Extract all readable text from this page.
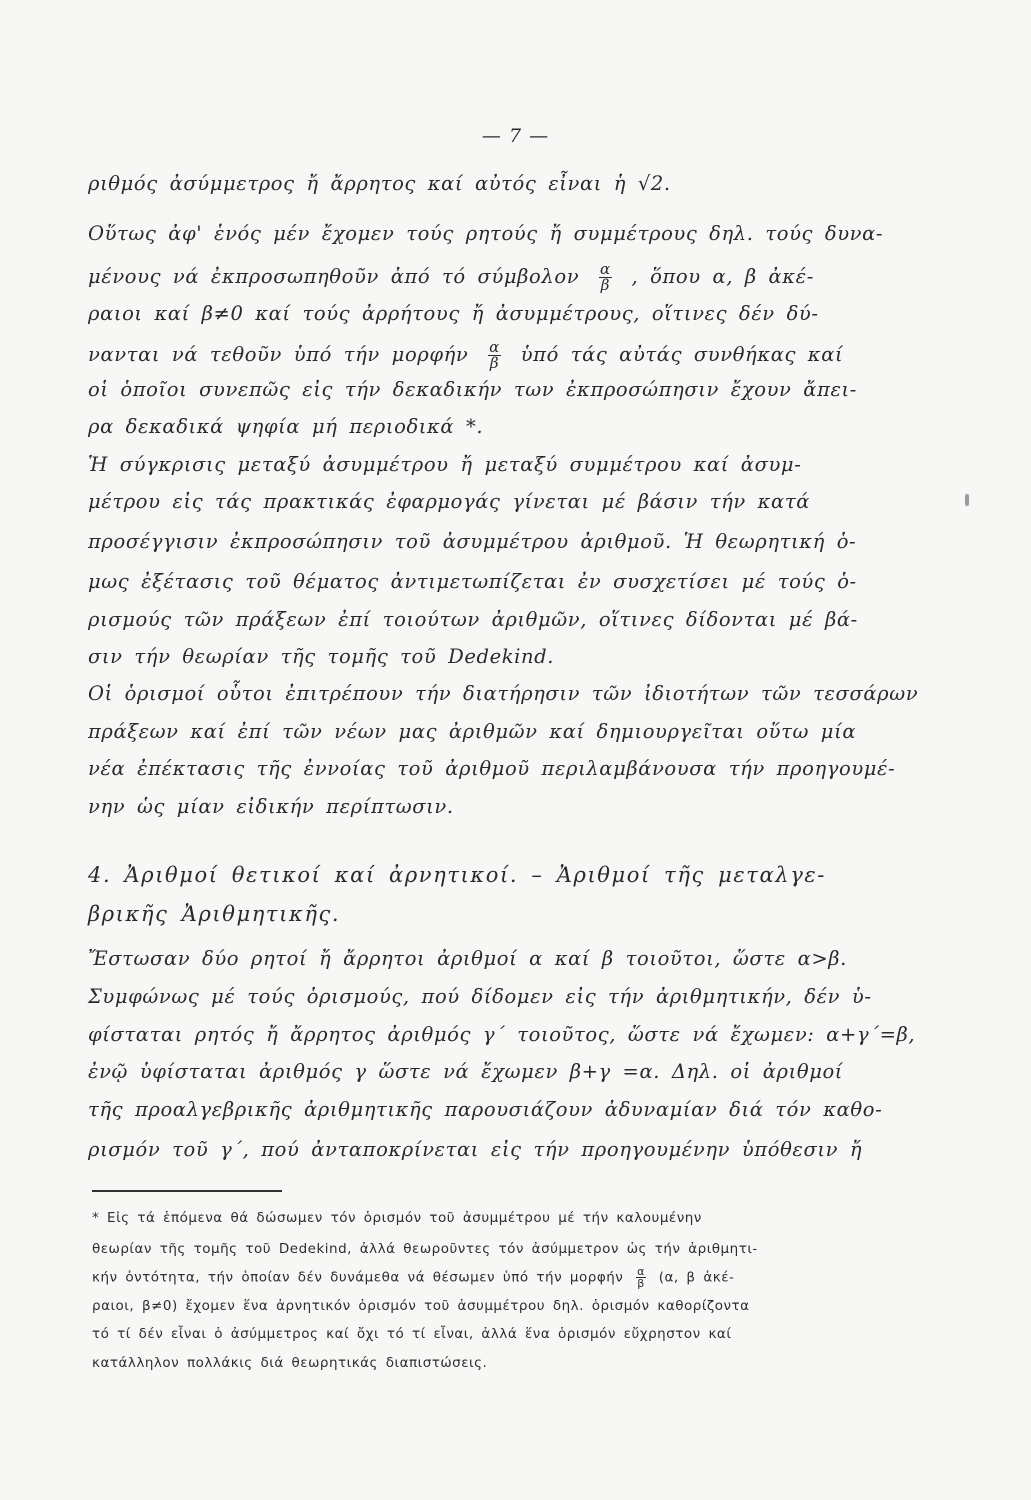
— 7 —
ριθμός ἀσύμμετρος ἤ ἄρρητος καί αὐτός εἶναι ἡ √2.
Οὕτως ἀφ' ἑνός μέν ἔχομεν τούς ρητούς ἤ συμμέτρους δηλ. τούς δυνα-
μένους νά ἐκπροσωπηθοῦν ἀπό τό σύμβολον $\frac{\alpha}{\beta}$ , ὅπου α, β ἀκέ-
ραιοι καί β≠0 καί τούς ἀρρήτους ἤ ἀσυμμέτρους, οἵτινες δέν δύ-
νανται νά τεθοῦν ὑπό τήν μορφήν $\frac{\alpha}{\beta}$ ὑπό τάς αὐτάς συνθήκας καί
οἱ ὁποῖοι συνεπῶς εἰς τήν δεκαδικήν των ἐκπροσώπησιν ἔχουν ἄπει-
ρα δεκαδικά ψηφία μή περιοδικά *.
Ἡ σύγκρισις μεταξύ ἀσυμμέτρου ἤ μεταξύ συμμέτρου καί ἀσυμ-
μέτρου εἰς τάς πρακτικάς ἐφαρμογάς γίνεται μέ βάσιν τήν κατά
προσέγγισιν ἐκπροσώπησιν τοῦ ἀσυμμέτρου ἀριθμοῦ. Ἡ θεωρητική ὁ-
μως ἐξέτασις τοῦ θέματος ἀντιμετωπίζεται ἐν συσχετίσει μέ τούς ὁ-
ρισμούς τῶν πράξεων ἐπί τοιούτων ἀριθμῶν, οἵτινες δίδονται μέ βά-
σιν τήν θεωρίαν τῆς τομῆς τοῦ Dedekind.
Οἱ ὁρισμοί οὗτοι ἐπιτρέπουν τήν διατήρησιν τῶν ἰδιοτήτων τῶν τεσσάρων
πράξεων καί ἐπί τῶν νέων μας ἀριθμῶν καί δημιουργεῖται οὕτω μία
νέα ἐπέκτασις τῆς ἐννοίας τοῦ ἀριθμοῦ περιλαμβάνουσα τήν προηγουμέ-
νην ὡς μίαν εἰδικήν περίπτωσιν.
4. Ἀριθμοί θετικοί καί ἀρνητικοί. – Ἀριθμοί τῆς μεταλγε-
βρικῆς Ἀριθμητικῆς.
Ἔστωσαν δύο ρητοί ἤ ἄρρητοι ἀριθμοί α καί β τοιοῦτοι, ὥστε α>β.
Συμφώνως μέ τούς ὁρισμούς, πού δίδομεν εἰς τήν ἀριθμητικήν, δέν ὑ-
φίσταται ρητός ἤ ἄρρητος ἀριθμός γ΄ τοιοῦτος, ὥστε νά ἔχωμεν: α+γ΄=β,
ἐνῷ ὑφίσταται ἀριθμός γ ὥστε νά ἔχωμεν β+γ =α. Δηλ. οἱ ἀριθμοί
τῆς προαλγεβρικῆς ἀριθμητικῆς παρουσιάζουν ἀδυναμίαν διά τόν καθο-
ρισμόν τοῦ γ΄, πού ἀνταποκρίνεται εἰς τήν προηγουμένην ὑπόθεσιν ἤ
* Εἰς τά ἑπόμενα θά δώσωμεν τόν ὁρισμόν τοῦ ἀσυμμέτρου μέ τήν καλουμένην
θεωρίαν τῆς τομῆς τοῦ Dedekind, ἀλλά θεωροῦντες τόν ἀσύμμετρον ὡς τήν ἀριθμητι-
κήν ὀντότητα, τήν ὁποίαν δέν δυνάμεθα νά θέσωμεν ὑπό τήν μορφήν $\frac{\alpha}{\beta} (\alpha$, β ἀκέ-
ραιοι, β≠0) ἔχομεν ἕνα ἀρνητικόν ὁρισμόν τοῦ ἀσυμμέτρου δηλ. ὁρισμόν καθορίζοντα
τό τί δέν εἶναι ὁ ἀσύμμετρος καί ὄχι τό τί εἶναι, ἀλλά ἕνα ὁρισμόν εὔχρηστον καί
κατάλληλον πολλάκις διά θεωρητικάς διαπιστώσεις.
